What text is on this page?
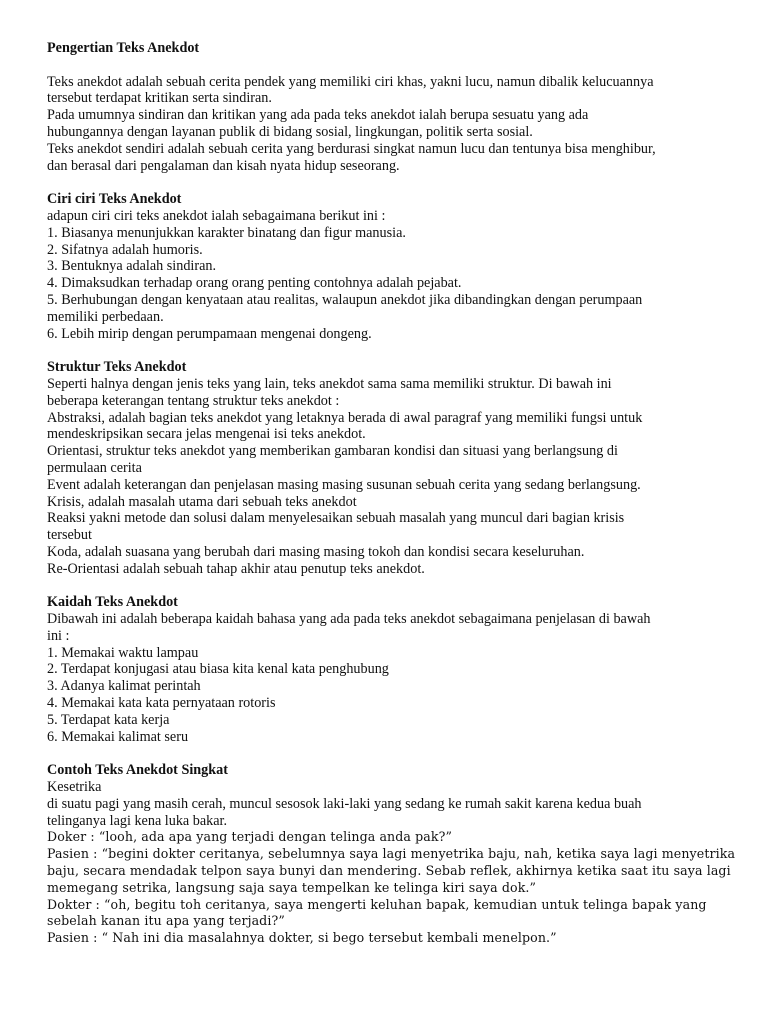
Pengertian Teks Anekdot
Teks anekdot adalah sebuah cerita pendek yang memiliki ciri khas, yakni lucu, namun dibalik kelucuannya
tersebut terdapat kritikan serta sindiran.
Pada umumnya sindiran dan kritikan yang ada pada teks anekdot ialah berupa sesuatu yang ada
hubungannya dengan layanan publik di bidang sosial, lingkungan, politik serta sosial.
Teks anekdot sendiri adalah sebuah cerita yang berdurasi singkat namun lucu dan tentunya bisa menghibur,
dan berasal dari pengalaman dan kisah nyata hidup seseorang.
Ciri ciri Teks Anekdot
adapun ciri ciri teks anekdot ialah sebagaimana berikut ini :
1. Biasanya menunjukkan karakter binatang dan figur manusia.
2. Sifatnya adalah humoris.
3. Bentuknya adalah sindiran.
4. Dimaksudkan terhadap orang orang penting contohnya adalah pejabat.
5. Berhubungan dengan kenyataan atau realitas, walaupun anekdot jika dibandingkan dengan perumpaan
memiliki perbedaan.
6. Lebih mirip dengan perumpamaan mengenai dongeng.
Struktur Teks Anekdot
Seperti halnya dengan jenis teks yang lain, teks anekdot sama sama memiliki struktur. Di bawah ini
beberapa keterangan tentang struktur teks anekdot :
Abstraksi, adalah bagian teks anekdot yang letaknya berada di awal paragraf yang memiliki fungsi untuk
mendeskripsikan secara jelas mengenai isi teks anekdot.
Orientasi, struktur teks anekdot yang memberikan gambaran kondisi dan situasi yang berlangsung di
permulaan cerita
Event adalah keterangan dan penjelasan masing masing susunan sebuah cerita yang sedang berlangsung.
Krisis, adalah masalah utama dari sebuah teks anekdot
Reaksi yakni metode dan solusi dalam menyelesaikan sebuah masalah yang muncul dari bagian krisis
tersebut
Koda, adalah suasana yang berubah dari masing masing tokoh dan kondisi secara keseluruhan.
Re-Orientasi adalah sebuah tahap akhir atau penutup teks anekdot.
Kaidah Teks Anekdot
Dibawah ini adalah beberapa kaidah bahasa yang ada pada teks anekdot sebagaimana penjelasan di bawah
ini :
1. Memakai waktu lampau
2. Terdapat konjugasi atau biasa kita kenal kata penghubung
3. Adanya kalimat perintah
4. Memakai kata kata pernyataan rotoris
5. Terdapat kata kerja
6. Memakai kalimat seru
Contoh Teks Anekdot Singkat
Kesetrika
di suatu pagi yang masih cerah, muncul sesosok laki-laki yang sedang ke rumah sakit karena kedua buah
telinganya lagi kena luka bakar.
Doker : “looh, ada apa yang terjadi dengan telinga anda pak?”
Pasien : “begini dokter ceritanya, sebelumnya saya lagi menyetrika baju, nah, ketika saya lagi menyetrika
baju, secara mendadak telpon saya bunyi dan mendering. Sebab reflek, akhirnya ketika saat itu saya lagi
memegang setrika, langsung saja saya tempelkan ke telinga kiri saya dok.”
Dokter : “oh, begitu toh ceritanya, saya mengerti keluhan bapak, kemudian untuk telinga bapak yang
sebelah kanan itu apa yang terjadi?”
Pasien : “ Nah ini dia masalahnya dokter, si bego tersebut kembali menelpon.”
